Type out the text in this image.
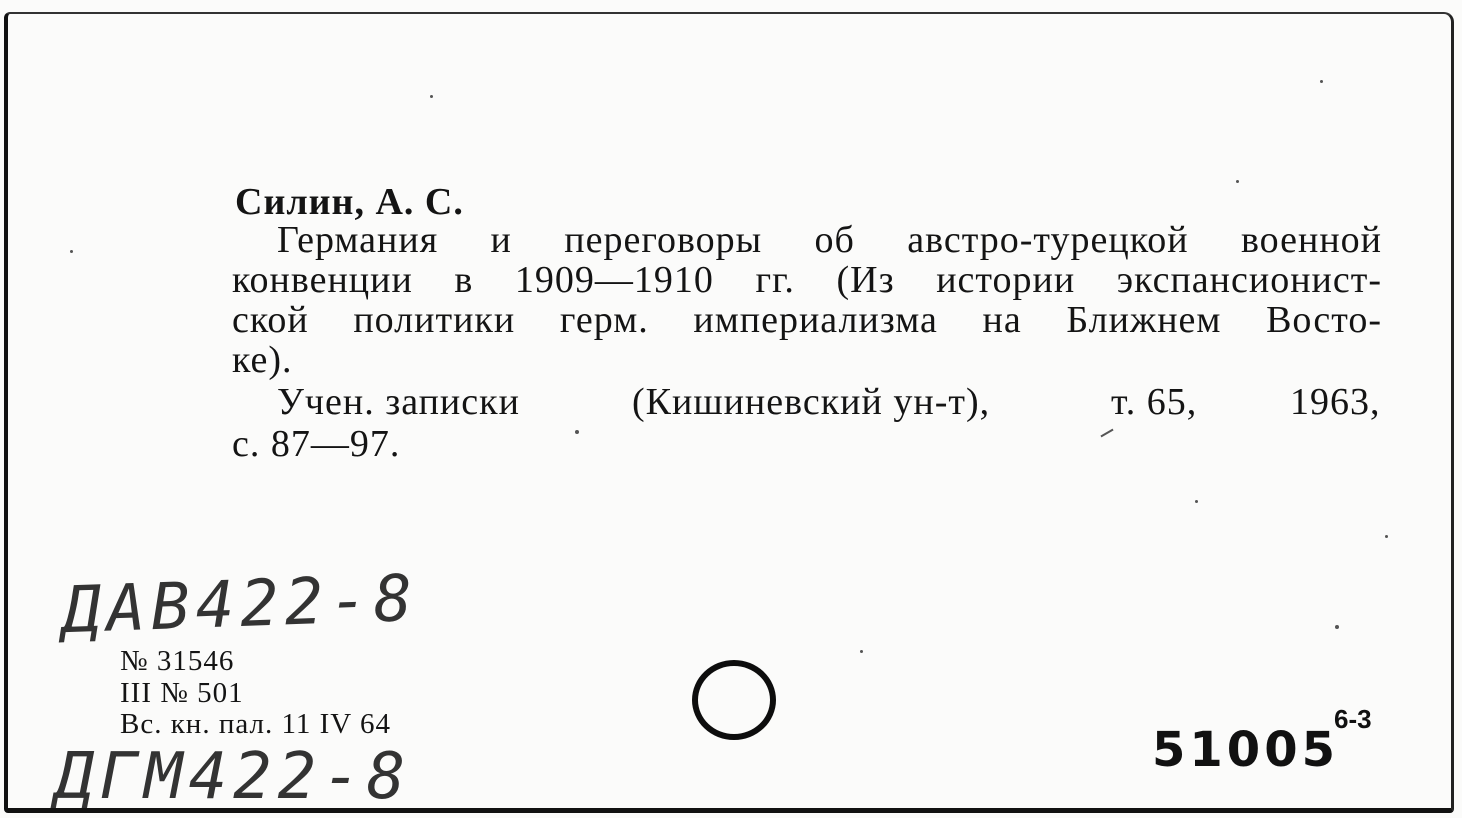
Силин, А. С.
Германия и переговоры об австро-турецкой военной
конвенции в 1909—1910 гг. (Из истории экспансионист-
ской политики герм. империализма на Ближнем Восто-
ке).
Учен. записки	(Кишиневский ун-т),	т. 65, 1963,
с. 87—97.
ДАВ422-8
№ 31546
III № 501
Вс. кн. пал. 11 IV 64
ДГМ422-8	51005
6-3
